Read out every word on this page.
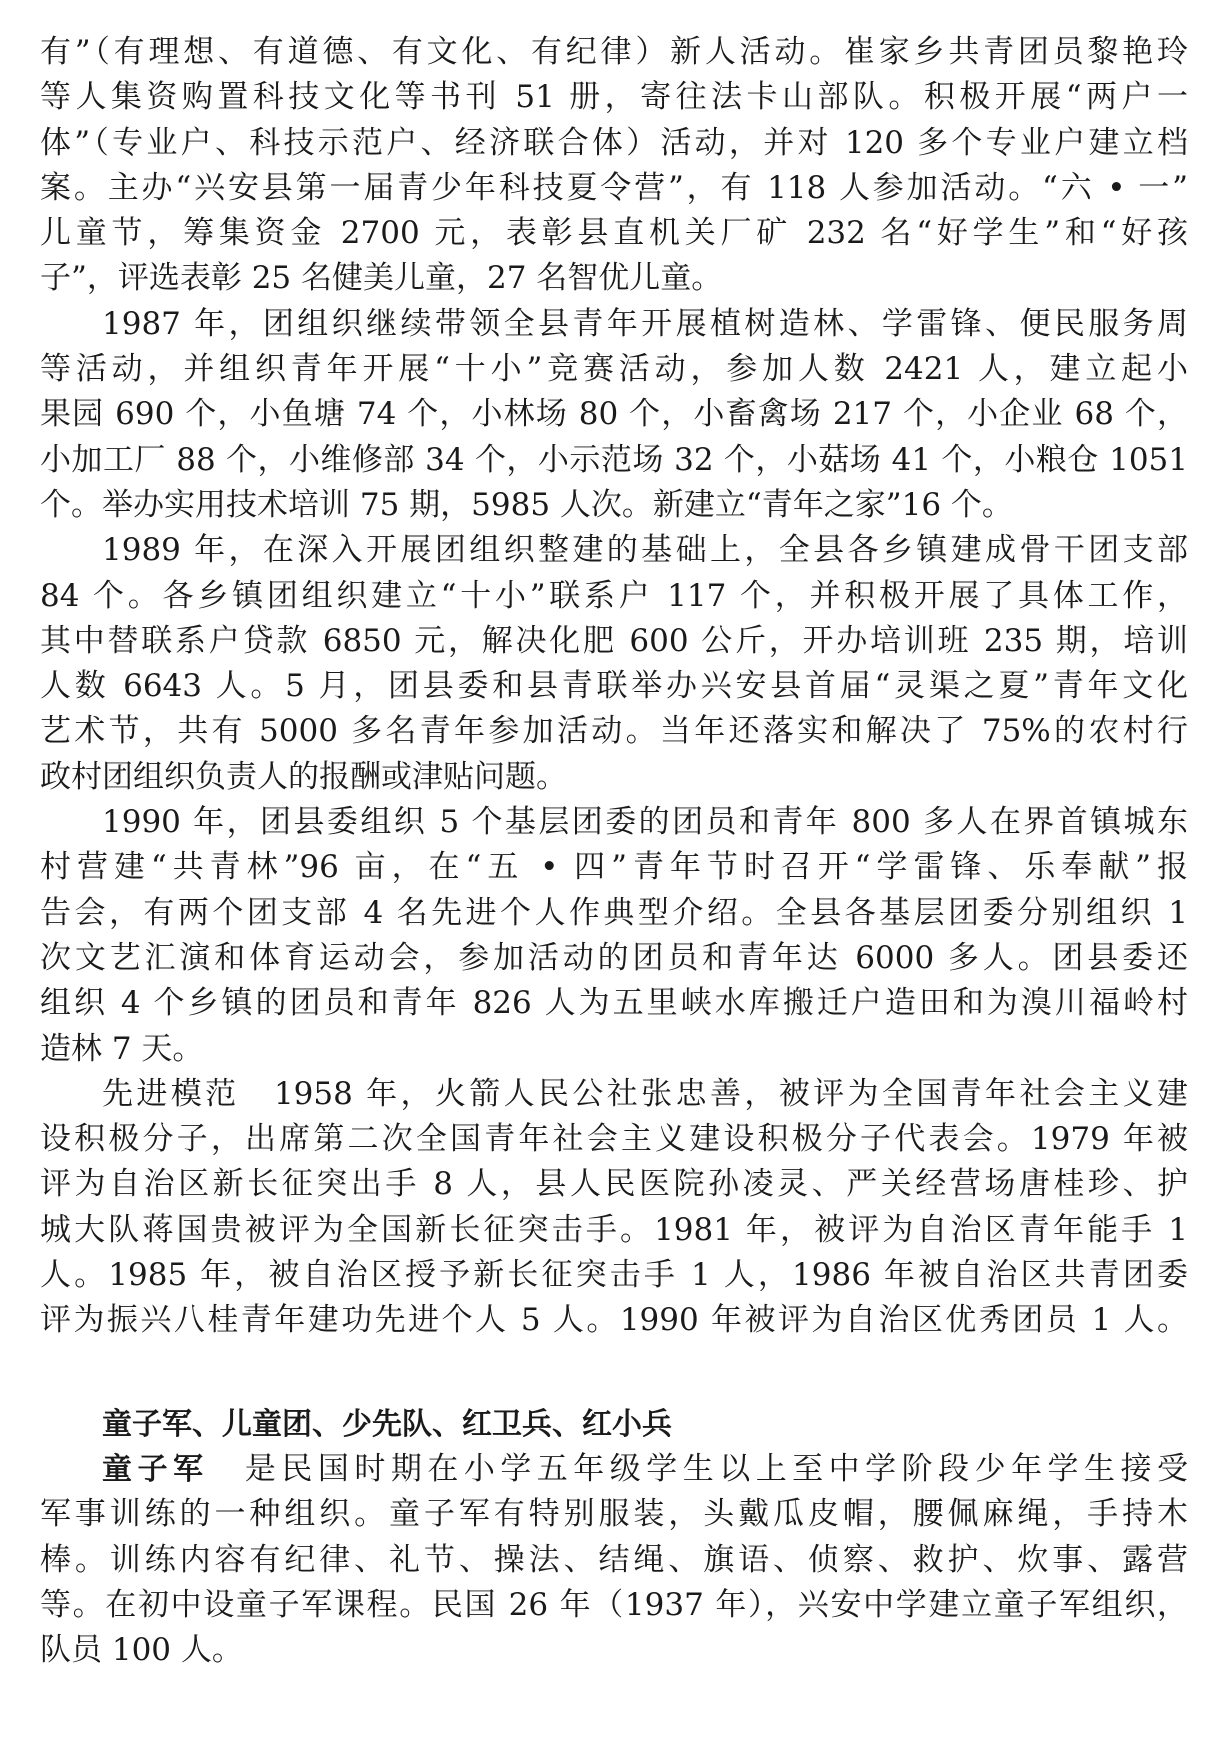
有”（有理想、有道德、有文化、有纪律）新人活动。崔家乡共青团员黎艳玲
等人集资购置科技文化等书刊 51 册，寄往法卡山部队。积极开展“两户一
体”（专业户、科技示范户、经济联合体）活动，并对 120 多个专业户建立档
案。主办“兴安县第一届青少年科技夏令营”，有 118 人参加活动。“六 • 一”
儿童节，筹集资金 2700 元，表彰县直机关厂矿 232 名“好学生”和“好孩
子”，评选表彰 25 名健美儿童，27 名智优儿童。
1987 年，团组织继续带领全县青年开展植树造林、学雷锋、便民服务周
等活动，并组织青年开展“十小”竞赛活动，参加人数 2421 人，建立起小
果园 690 个，小鱼塘 74 个，小林场 80 个，小畜禽场 217 个，小企业 68 个，
小加工厂 88 个，小维修部 34 个，小示范场 32 个，小菇场 41 个，小粮仓 1051
个。举办实用技术培训 75 期，5985 人次。新建立“青年之家”16 个。
1989 年，在深入开展团组织整建的基础上，全县各乡镇建成骨干团支部
84 个。各乡镇团组织建立“十小”联系户 117 个，并积极开展了具体工作，
其中替联系户贷款 6850 元，解决化肥 600 公斤，开办培训班 235 期，培训
人数 6643 人。5 月，团县委和县青联举办兴安县首届“灵渠之夏”青年文化
艺术节，共有 5000 多名青年参加活动。当年还落实和解决了 75%的农村行
政村团组织负责人的报酬或津贴问题。
1990 年，团县委组织 5 个基层团委的团员和青年 800 多人在界首镇城东
村营建“共青林”96 亩，在“五 • 四”青年节时召开“学雷锋、乐奉献”报
告会，有两个团支部 4 名先进个人作典型介绍。全县各基层团委分别组织 1
次文艺汇演和体育运动会，参加活动的团员和青年达 6000 多人。团县委还
组织 4 个乡镇的团员和青年 826 人为五里峡水库搬迁户造田和为溴川福岭村
造林 7 天。
先进模范　1958 年，火箭人民公社张忠善，被评为全国青年社会主义建
设积极分子，出席第二次全国青年社会主义建设积极分子代表会。1979 年被
评为自治区新长征突出手 8 人，县人民医院孙凌灵、严关经营场唐桂珍、护
城大队蒋国贵被评为全国新长征突击手。1981 年，被评为自治区青年能手 1
人。1985 年，被自治区授予新长征突击手 1 人，1986 年被自治区共青团委
评为振兴八桂青年建功先进个人 5 人。1990 年被评为自治区优秀团员 1 人。
童子军、儿童团、少先队、红卫兵、红小兵
童子军　是民国时期在小学五年级学生以上至中学阶段少年学生接受
军事训练的一种组织。童子军有特别服装，头戴瓜皮帽，腰佩麻绳，手持木
棒。训练内容有纪律、礼节、操法、结绳、旗语、侦察、救护、炊事、露营
等。在初中设童子军课程。民国 26 年（1937 年），兴安中学建立童子军组织，
队员 100 人。
